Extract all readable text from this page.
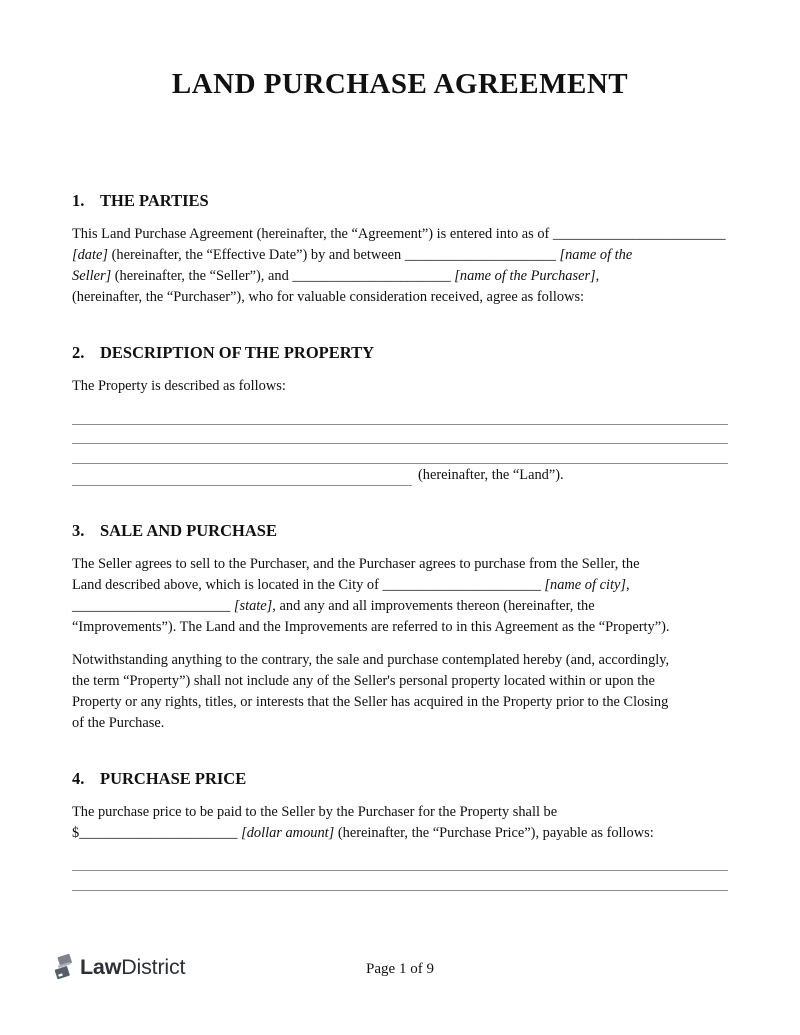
LAND PURCHASE AGREEMENT
1. THE PARTIES
This Land Purchase Agreement (hereinafter, the “Agreement”) is entered into as of ________________________
[date] (hereinafter, the “Effective Date”) by and between _____________________ [name of the
Seller] (hereinafter, the “Seller”), and ______________________ [name of the Purchaser],
(hereinafter, the “Purchaser”), who for valuable consideration received, agree as follows:
2. DESCRIPTION OF THE PROPERTY
The Property is described as follows:
(hereinafter, the “Land”).
3. SALE AND PURCHASE
The Seller agrees to sell to the Purchaser, and the Purchaser agrees to purchase from the Seller, the
Land described above, which is located in the City of ______________________ [name of city],
______________________ [state], and any and all improvements thereon (hereinafter, the
“Improvements”). The Land and the Improvements are referred to in this Agreement as the “Property”).
Notwithstanding anything to the contrary, the sale and purchase contemplated hereby (and, accordingly,
the term “Property”) shall not include any of the Seller's personal property located within or upon the
Property or any rights, titles, or interests that the Seller has acquired in the Property prior to the Closing
of the Purchase.
4. PURCHASE PRICE
The purchase price to be paid to the Seller by the Purchaser for the Property shall be
$______________________ [dollar amount] (hereinafter, the “Purchase Price”), payable as follows:
Law District	Page 1 of 9
